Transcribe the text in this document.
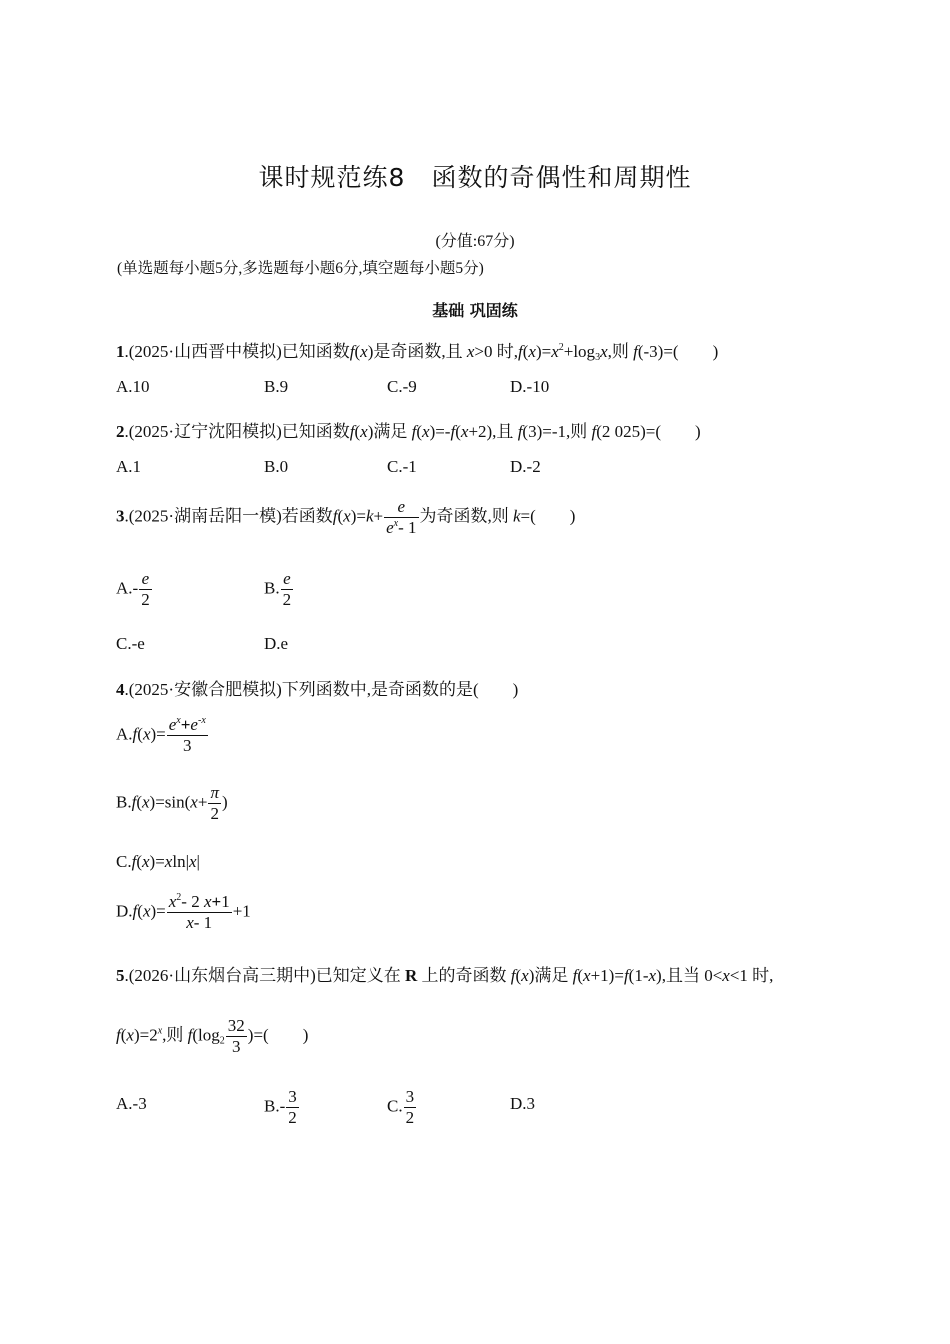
课时规范练8　函数的奇偶性和周期性
(分值:67分)
(单选题每小题5分,多选题每小题6分,填空题每小题5分)
基础 巩固练
1.(2025·山西晋中模拟)已知函数f(x)是奇函数,且 x>0 时$,f(x)=x^2+\log_3x$,则 f(-3)=(　　)
A.10	B.9	C.-9	D.-10
2.(2025·辽宁沈阳模拟)已知函数f(x)满足 f(x)=-f(x+2),且 f(3)=-1,则 f(2 025)=(　　)
A.1	B.0	C.-1	D.-2
3.(2025·湖南岳阳一模)若函数$f(x)=k+ \frac{e}{e^x- 1}$ 为奇函数,则 k=(　　)
$A.- \frac{e}{2}$	B. $\frac{e}{2}$
C.-e	D.e
4.(2025·安徽合肥模拟)下列函数中,是奇函数的是(　　)
$A.f(x)= \frac{e^x+e^{-x}}{3}$
$B.f(x)=\sin(x+ \frac{\pi}{2}$ )
C.f(x)=xln|x|
$D.f(x)= \frac{x^2- 2 x+1}{x- 1} +1$
5.(2026·山东烟台高三期中)已知定义在 R 上的奇函数 f(x)满足 f(x+1)=f(1-x),且当 0<x<1 时,
$f(x)=2^x$,则 $f(\log_2 \frac{32}{3}$ )=(　　)
A.-3	$B.- \frac{3}{2}$	C. $\frac{3}{2}$	D.3
